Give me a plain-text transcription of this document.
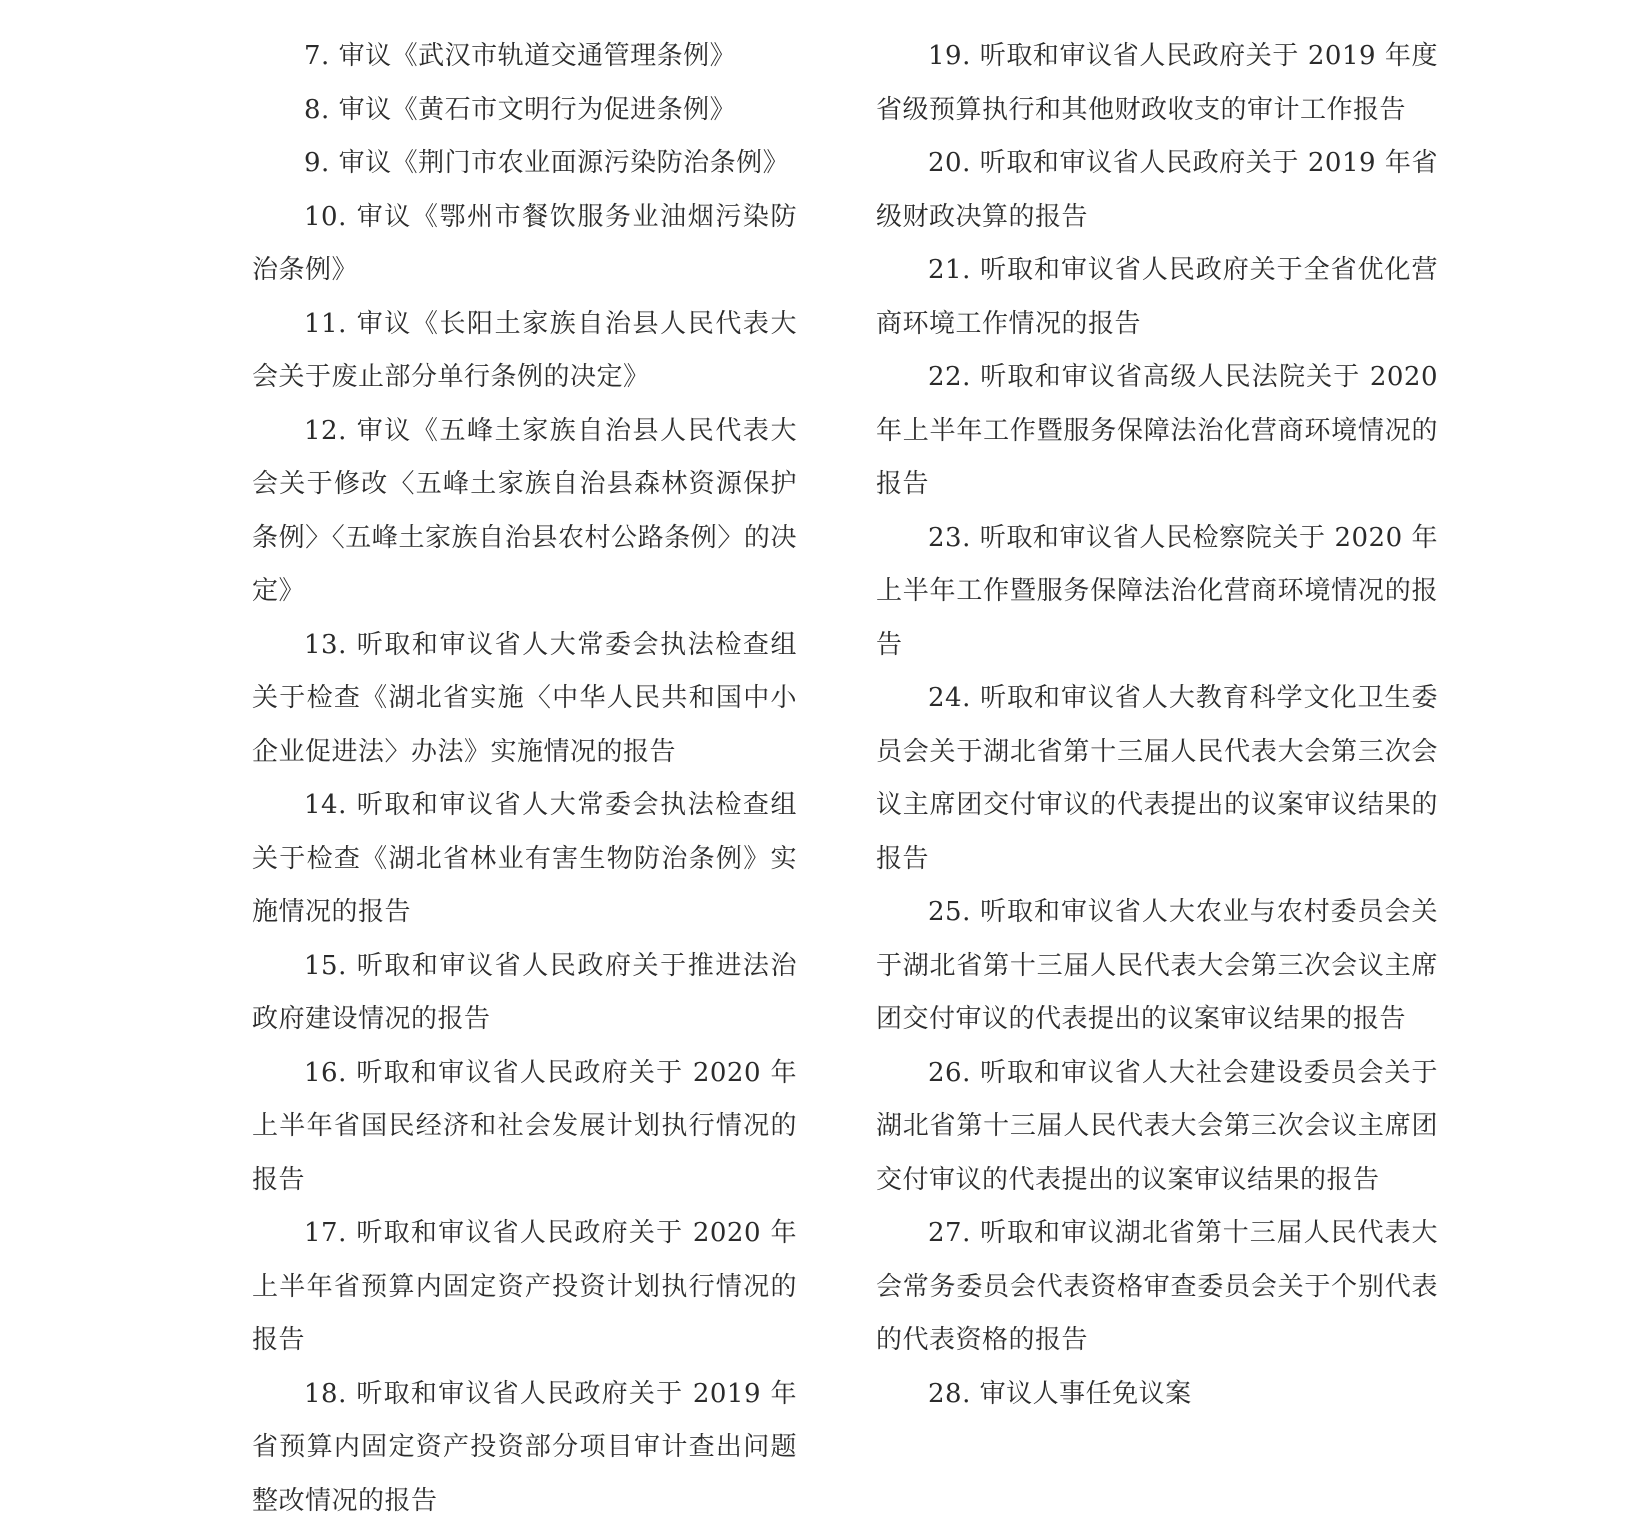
7. 审议《武汉市轨道交通管理条例》

8. 审议《黄石市文明行为促进条例》

9. 审议《荆门市农业面源污染防治条例》

10. 审议《鄂州市餐饮服务业油烟污染防治条例》

11. 审议《长阳土家族自治县人民代表大会关于废止部分单行条例的决定》

12. 审议《五峰土家族自治县人民代表大会关于修改〈五峰土家族自治县森林资源保护条例〉〈五峰土家族自治县农村公路条例〉的决定》

13. 听取和审议省人大常委会执法检查组关于检查《湖北省实施〈中华人民共和国中小企业促进法〉办法》实施情况的报告

14. 听取和审议省人大常委会执法检查组关于检查《湖北省林业有害生物防治条例》实施情况的报告

15. 听取和审议省人民政府关于推进法治政府建设情况的报告

16. 听取和审议省人民政府关于 2020 年上半年省国民经济和社会发展计划执行情况的报告

17. 听取和审议省人民政府关于 2020 年上半年省预算内固定资产投资计划执行情况的报告

18. 听取和审议省人民政府关于 2019 年省预算内固定资产投资部分项目审计查出问题整改情况的报告

19. 听取和审议省人民政府关于 2019 年度省级预算执行和其他财政收支的审计工作报告

20. 听取和审议省人民政府关于 2019 年省级财政决算的报告

21. 听取和审议省人民政府关于全省优化营商环境工作情况的报告

22. 听取和审议省高级人民法院关于 2020 年上半年工作暨服务保障法治化营商环境情况的报告

23. 听取和审议省人民检察院关于 2020 年上半年工作暨服务保障法治化营商环境情况的报告

24. 听取和审议省人大教育科学文化卫生委员会关于湖北省第十三届人民代表大会第三次会议主席团交付审议的代表提出的议案审议结果的报告

25. 听取和审议省人大农业与农村委员会关于湖北省第十三届人民代表大会第三次会议主席团交付审议的代表提出的议案审议结果的报告

26. 听取和审议省人大社会建设委员会关于湖北省第十三届人民代表大会第三次会议主席团交付审议的代表提出的议案审议结果的报告

27. 听取和审议湖北省第十三届人民代表大会常务委员会代表资格审查委员会关于个别代表的代表资格的报告

28. 审议人事任免议案
